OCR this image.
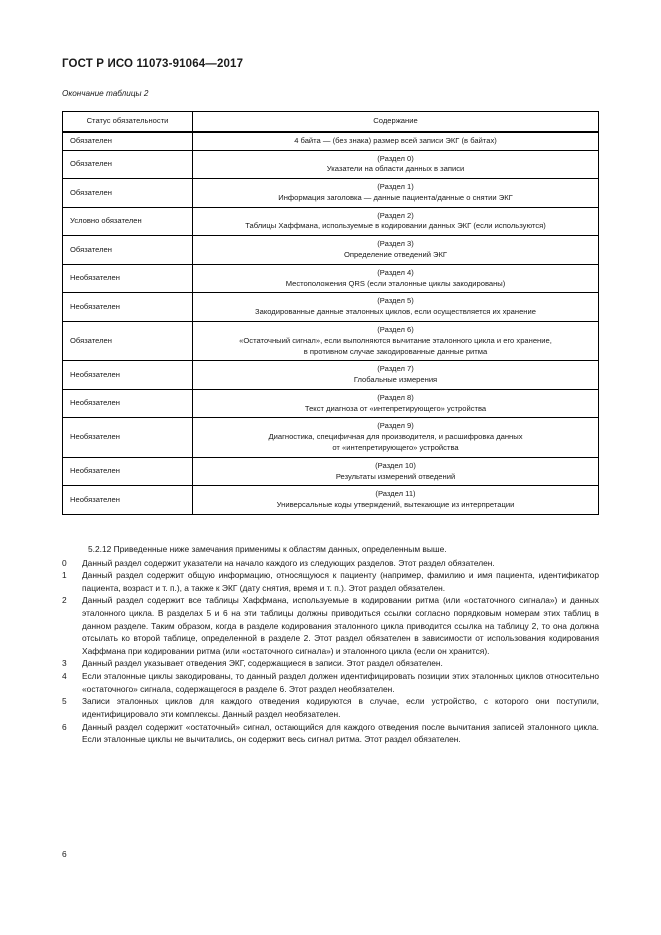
ГОСТ Р ИСО 11073-91064—2017
Окончание таблицы 2
Статус обязательности	Содержание
Обязателен	4 байта — (без знака) размер всей записи ЭКГ (в байтах)

Обязателен	(Раздел 0)
Указатели на области данных в записи

Обязателен	(Раздел 1)
Информация заголовка — данные пациента/данные о снятии ЭКГ

Условно обязателен	(Раздел 2)
Таблицы Хаффмана, используемые в кодировании данных ЭКГ (если используются)

Обязателен	(Раздел 3)
Определение отведений ЭКГ

Необязателен	(Раздел 4)
Местоположения QRS (если эталонные циклы закодированы)

Необязателен	(Раздел 5)
Закодированные данные эталонных циклов, если осуществляется их хранение

Обязателен	(Раздел 6)
«Остаточныий сигнал», если выполняются вычитание эталонного цикла и его хранение,
в противном случае закодированные данные ритма

Необязателен	(Раздел 7)
Глобальные измерения

Необязателен	(Раздел 8)
Текст диагноза от «интепретирующего» устройства

Необязателен	(Раздел 9)
Диагностика, специфичная для производителя, и расшифровка данных
от «интепретирующего» устройства

Необязателен	(Раздел 10)
Результаты измерений отведений

Необязателен	(Раздел 11)
Универсальные коды утверждений, вытекающие из интерпретации

5.2.12 Приведенные ниже замечания применимы к областям данных, определенным выше.

0	Данный раздел содержит указатели на начало каждого из следующих разделов. Этот раздел обязателен.
1	Данный раздел содержит общую информацию, относящуюся к пациенту (например, фамилию и имя пациента, идентификатор пациента, возраст и т. п.), а также к ЭКГ (дату снятия, время и т. п.). Этот раздел обязателен.
2	Данный раздел содержит все таблицы Хаффмана, используемые в кодировании ритма (или «остаточного сигнала») и данных эталонного цикла. В разделах 5 и 6 на эти таблицы должны приводиться ссылки согласно порядковым номерам этих таблиц в данном разделе. Таким образом, когда в разделе кодирования эталонного цикла приводится ссылка на таблицу 2, то она должна отсылать ко второй таблице, определенной в разделе 2. Этот раздел обязателен в зависимости от использования кодирования Хаффмана при кодировании ритма (или «остаточного сигнала») и эталонного цикла (если он хранится).
3	Данный раздел указывает отведения ЭКГ, содержащиеся в записи. Этот раздел обязателен.
4	Если эталонные циклы закодированы, то данный раздел должен идентифицировать позиции этих эталонных циклов относительно «остаточного» сигнала, содержащегося в разделе 6. Этот раздел необязателен.
5	Записи эталонных циклов для каждого отведения кодируются в случае, если устройство, с которого они поступили, идентифицировало эти комплексы. Данный раздел необязателен.
6	Данный раздел содержит «остаточный» сигнал, остающийся для каждого отведения после вычитания записей эталонного цикла. Если эталонные циклы не вычитались, он содержит весь сигнал ритма. Этот раздел обязателен.
6
